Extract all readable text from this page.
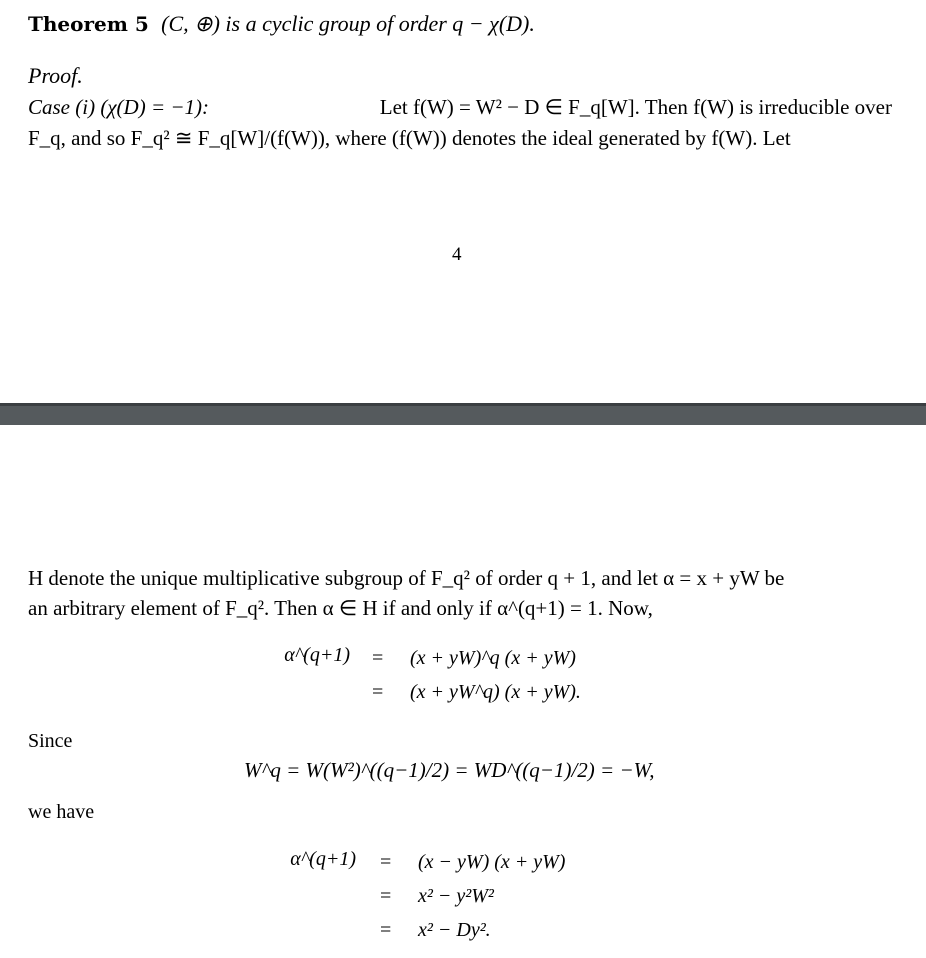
Theorem 5 (C, ⊕) is a cyclic group of order q − χ(D).
Proof.
Case (i) (χ(D) = −1):	Let f(W) = W² − D ∈ F_q[W]. Then f(W) is irreducible over
F_q, and so F_q² ≅ F_q[W]/(f(W)), where (f(W)) denotes the ideal generated by f(W). Let
4
H denote the unique multiplicative subgroup of F_q² of order q + 1, and let α = x + yW be
an arbitrary element of F_q². Then α ∈ H if and only if α^(q+1) = 1. Now,
α^(q+1) = (x + yW)^q (x + yW)
= (x + yW^q) (x + yW).
Since
W^q = W(W²)^((q−1)/2) = WD^((q−1)/2) = −W,
we have
α^(q+1) = (x − yW) (x + yW)
= x² − y²W²
= x² − Dy².
